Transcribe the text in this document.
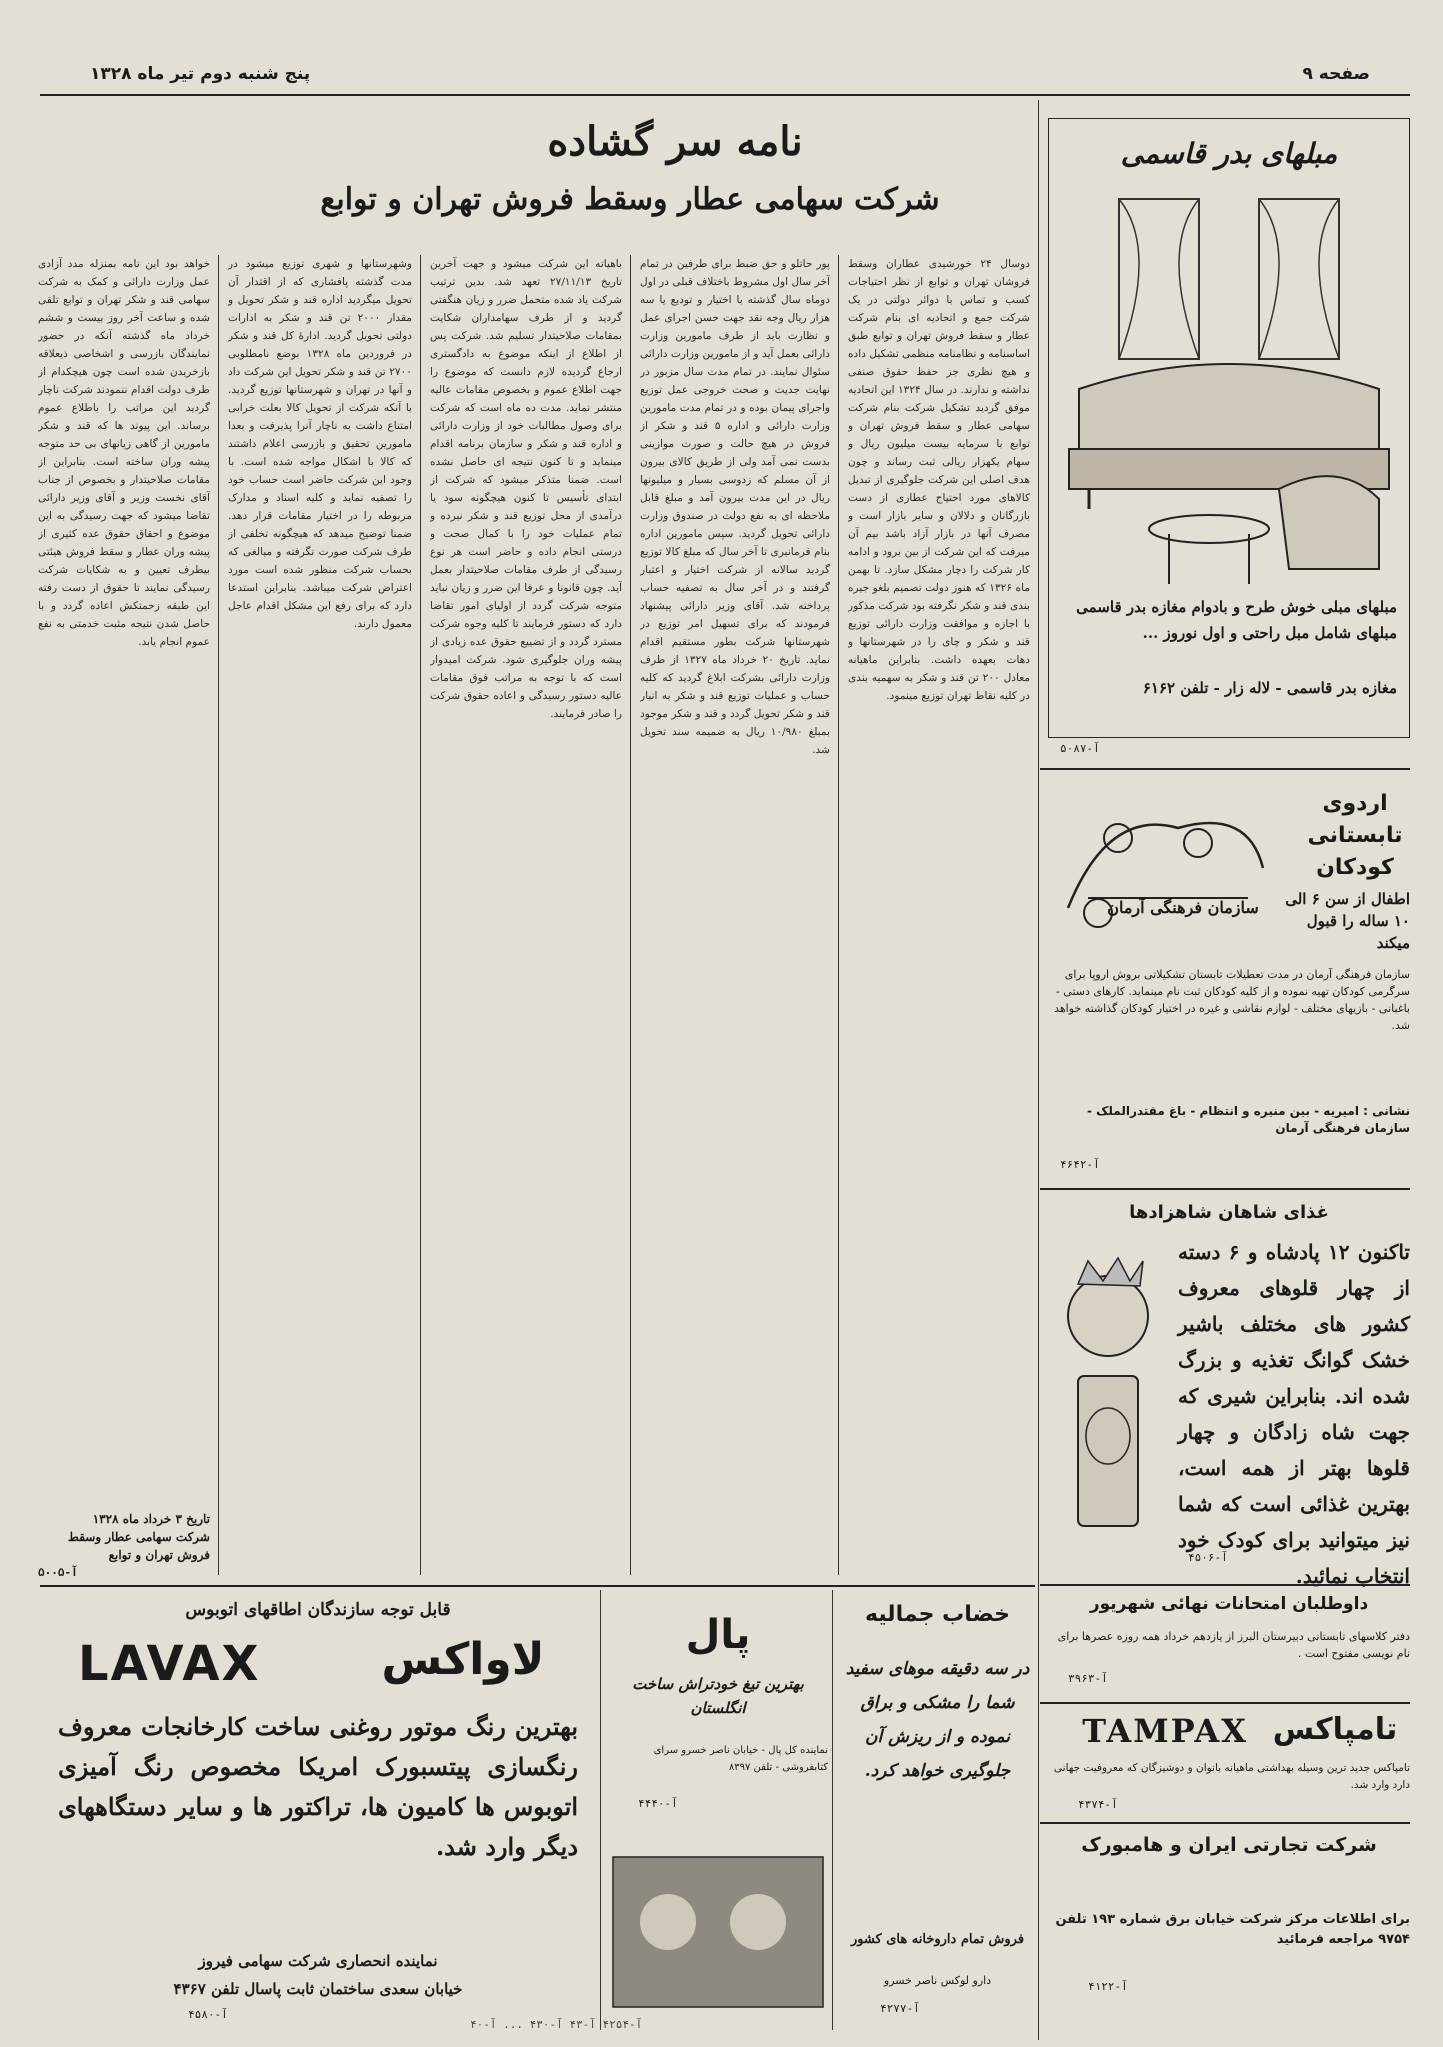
صفحه ۹
پنج شنبه دوم تیر ماه ۱۳۲۸
نامه سر گشاده
شرکت سهامی عطار وسقط فروش تهران و توابع

دوسال ۲۴ خورشیدی عطاران وسقط فروشان تهران و توابع از نظر احتیاجات کسب و تماس با دوائر دولتی در یک شرکت جمع و اتحادیه ای بنام شرکت عطار و سقط فروش تهران و توابع طبق اساسنامه و نظامنامه منظمی تشکیل داده و هیچ نظری جز حفظ حقوق صنفی نداشته و ندارند. در سال ۱۳۲۴ این اتحادیه موفق گردید تشکیل شرکت بنام شرکت سهامی عطار و سقط فروش تهران و توابع با سرمایه بیست میلیون ریال و سهام یکهزار ریالی ثبت رساند و چون هدف اصلی این شرکت جلوگیری از تبدیل کالاهای مورد احتیاج عطاری از دست بازرگانان و دلالان و سایر بازار است و مصرف آنها در بازار آزاد باشد بیم آن میرفت که این شرکت از بین برود و ادامه کار شرکت را دچار مشکل سازد. تا بهمن ماه ۱۳۲۶ که هنوز دولت تصمیم بلغو جیره بندی قند و شکر نگرفته بود شرکت مذکور با اجازه و موافقت وزارت دارائی توزیع قند و شکر و چای را در شهرستانها و دهات بعهده داشت. بنابراین ماهیانه معادل ۲۰۰ تن قند و شکر به سهمیه بندی در کلیه نقاط تهران توزیع مینمود.

پور حاتلو و حق ضبط برای طرفین در تمام آخر سال اول مشروط باختلاف قبلی در اول دوماه سال گذشته با اختیار و تودیع یا سه هزار ریال وجه نقد جهت حسن اجرای عمل و نظارت باید از طرف مامورین وزارت دارائی بعمل آید و از مامورین وزارت دارائی سئوال نمایند. در تمام مدت سال مزبور در نهایت جدیت و صحت خروجی عمل توزیع واجرای پیمان بوده و در تمام مدت مامورین وزارت دارائی و اداره ۵ قند و شکر از فروش در هیچ حالت و صورت موازینی بدست نمی آمد ولی از طریق کالای بیرون از آن مسلم که زدوسی بسیار و میلیونها ریال در این مدت بیرون آمد و مبلغ قابل ملاحظه ای به نفع دولت در صندوق وزارت دارائی تحویل گردید. سپس مامورین اداره بنام فرمانبری تا آخر سال که مبلغ کالا توزیع گردید سالانه از شرکت اختیار و اعتبار گرفتند و در آخر سال به تصفیه حساب پرداخته شد. آقای وزیر دارائی پیشنهاد فرمودند که برای تسهیل امر توزیع در شهرستانها شرکت بطور مستقیم اقدام نماید. تاریخ ۲۰ خرداد ماه ۱۳۲۷ از طرف وزارت دارائی بشرکت ابلاغ گردید که کلیه حساب و عملیات توزیع قند و شکر به انبار قند و شکر تحویل گردد و قند و شکر موجود بمبلغ ۱۰/۹۸۰ ریال به ضمیمه سند تحویل شد.

باهیاته این شرکت میشود و جهت آخرین تاریخ ۲۷/۱۱/۱۳ تعهد شد. بدین ترتیب شرکت یاد شده متحمل ضرر و زیان هنگفتی گردید و از طرف سهامداران شکایت بمقامات صلاحیتدار تسلیم شد. شرکت پس از اطلاع از اینکه موضوع به دادگستری ارجاع گردیده لازم دانست که موضوع را جهت اطلاع عموم و بخصوص مقامات عالیه منتشر نماید. مدت ده ماه است که شرکت برای وصول مطالبات خود از وزارت دارائی و اداره قند و شکر و سازمان برنامه اقدام مینماید و تا کنون نتیجه ای حاصل نشده است. ضمنا متذکر میشود که شرکت از ابتدای تأسیس تا کنون هیچگونه سود یا درآمدی از محل توزیع قند و شکر نبرده و تمام عملیات خود را با کمال صحت و درستی انجام داده و حاضر است هر نوع رسیدگی از طرف مقامات صلاحیتدار بعمل آید. چون قانونا و عرفا این ضرر و زیان نباید متوجه شرکت گردد از اولیای امور تقاضا دارد که دستور فرمایند تا کلیه وجوه شرکت مسترد گردد و از تضییع حقوق عده زیادی از پیشه وران جلوگیری شود. شرکت امیدوار است که با توجه به مراتب فوق مقامات عالیه دستور رسیدگی و اعاده حقوق شرکت را صادر فرمایند.

وشهرستانها و شهری توزیع میشود در مدت گذشته پافشاری که از اقتدار آن تحویل میگردید اداره قند و شکر تحویل و مقدار ۲۰۰۰ تن قند و شکر به ادارات دولتی تحویل گردید. ادارهٔ کل قند و شکر در فروردین ماه ۱۳۲۸ بوضع نامطلوبی ۲۷۰۰ تن قند و شکر تحویل این شرکت داد و آنها در تهران و شهرستانها توزیع گردید. با آنکه شرکت از تحویل کالا بعلت خرابی امتناع داشت به ناچار آنرا پذیرفت و بعدا مامورین تحقیق و بازرسی اعلام داشتند که کالا با اشکال مواجه شده است. با وجود این شرکت حاضر است حساب خود را تصفیه نماید و کلیه اسناد و مدارک مربوطه را در اختیار مقامات قرار دهد. ضمنا توضیح میدهد که هیچگونه تخلفی از طرف شرکت صورت نگرفته و مبالغی که بحساب شرکت منظور شده است مورد اعتراض شرکت میباشد. بنابراین استدعا دارد که برای رفع این مشکل اقدام عاجل معمول دارند.

خواهد بود این نامه بمنزله مدد آزادی عمل وزارت دارائی و کمک به شرکت سهامی قند و شکر تهران و توابع تلقی شده و ساعت آخر روز بیست و ششم خرداد ماه گذشته آنکه در حضور نمایندگان بازرسی و اشخاصی ذیعلاقه بازخریدن شده است چون هیچکدام از طرف دولت اقدام ننمودند شرکت ناچار گردید این مراتب را باطلاع عموم برساند. این پیوند ها که قند و شکر مامورین از گاهی زیانهای بی حد متوجه پیشه وران ساخته است. بنابراین از مقامات صلاحیتدار و بخصوص از جناب آقای نخست وزیر و آقای وزیر دارائی تقاضا میشود که جهت رسیدگی به این موضوع و احقاق حقوق عده کثیری از پیشه وران عطار و سقط فروش هیئتی بیطرف تعیین و به شکایات شرکت رسیدگی نمایند تا حقوق از دست رفته این طبقه زحمتکش اعاده گردد و با حاصل شدن نتیجه مثبت خدمتی به نفع عموم انجام یابد.

تاریخ ۳ خرداد ماه ۱۳۲۸
شرکت سهامی عطار وسقط فروش تهران و توابع
آ-۵۰۰۵
مبلهای بدر قاسمی
مبلهای مبلی خوش طرح و بادوام مغازه بدر قاسمی مبلهای شامل مبل راحتی و اول نوروز ...
مغازه بدر قاسمی - لاله زار - تلفن ۶۱۶۲
آ-۵۰۸۷
اردوی تابستانی کودکان
سازمان فرهنگی آرمان	اطفال از سن ۶ الی ۱۰ ساله را قبول میکند
سازمان فرهنگی آرمان در مدت تعطیلات تابستان تشکیلاتی بروش اروپا برای سرگرمی کودکان تهیه نموده و از کلیه کودکان ثبت نام مینماید. کارهای دستی - باغبانی - بازیهای مختلف - لوازم نقاشی و غیره در اختیار کودکان گذاشته خواهد شد.
نشانی : امیریه - بین منیره و انتظام - باغ مقتدرالملک - سازمان فرهنگی آرمان
آ-۴۶۴۲
غذای شاهان شاهزادها
تاکنون ۱۲ پادشاه و ۶ دسته از چهار قلوهای معروف کشور های مختلف باشیر خشک گوانگ تغذیه و بزرگ شده اند. بنابراین شیری که جهت شاه زادگان و چهار قلوها بهتر از همه است، بهترین غذائی است که شما نیز میتوانید برای کودک خود انتخاب نمائید.
آ-۴۵۰۶
داوطلبان امتحانات نهائی شهریور
دفتر کلاسهای تابستانی دبیرستان البرز از یازدهم خرداد همه روزه عصرها برای نام نویسی مفتوح است .
آ-۳۹۶۳
تامپاکس
TAMPAX
تامپاکس جدید ترین وسیله بهداشتی ماهیانه بانوان و دوشیزگان که معروفیت جهانی دارد وارد شد.
آ-۴۳۷۴
شرکت تجارتی ایران و هامبورک
برای اطلاعات مرکز شرکت خیابان برق شماره ۱۹۳ تلفن ۹۷۵۴ مراجعه فرمائید
آ-۴۱۲۲
قابل توجه سازندگان اطاقهای اتوبوس
لاواکس
LAVAX
بهترین رنگ موتور روغنی ساخت کارخانجات معروف رنگسازی پیتسبورک امریکا مخصوص رنگ آمیزی اتوبوس ها کامیون ها، تراکتور ها و سایر دستگاههای دیگر وارد شد.
نماینده انحصاری شرکت سهامی فیروز
خیابان سعدی ساختمان ثابت پاسال تلفن ۴۳۶۷
آ-۴۵۸۰
پال
بهترین تیغ خودتراش ساخت انگلستان
نماینده کل پال - خیابان ناصر خسرو سرای کتابفروشی - تلفن ۸۳۹۷
آ-۴۴۴۰
خضاب جمالیه
در سه دقیقه موهای سفید شما را مشکی و براق نموده و از ریزش آن جلوگیری خواهد کرد.
فروش تمام داروخانه های کشور
دارو لوکس ناصر خسرو
آ-۴۲۷۷
آ-۴۲۵۴ آ-۴۳ آ-۴۳۰ ... آ-۴۰
